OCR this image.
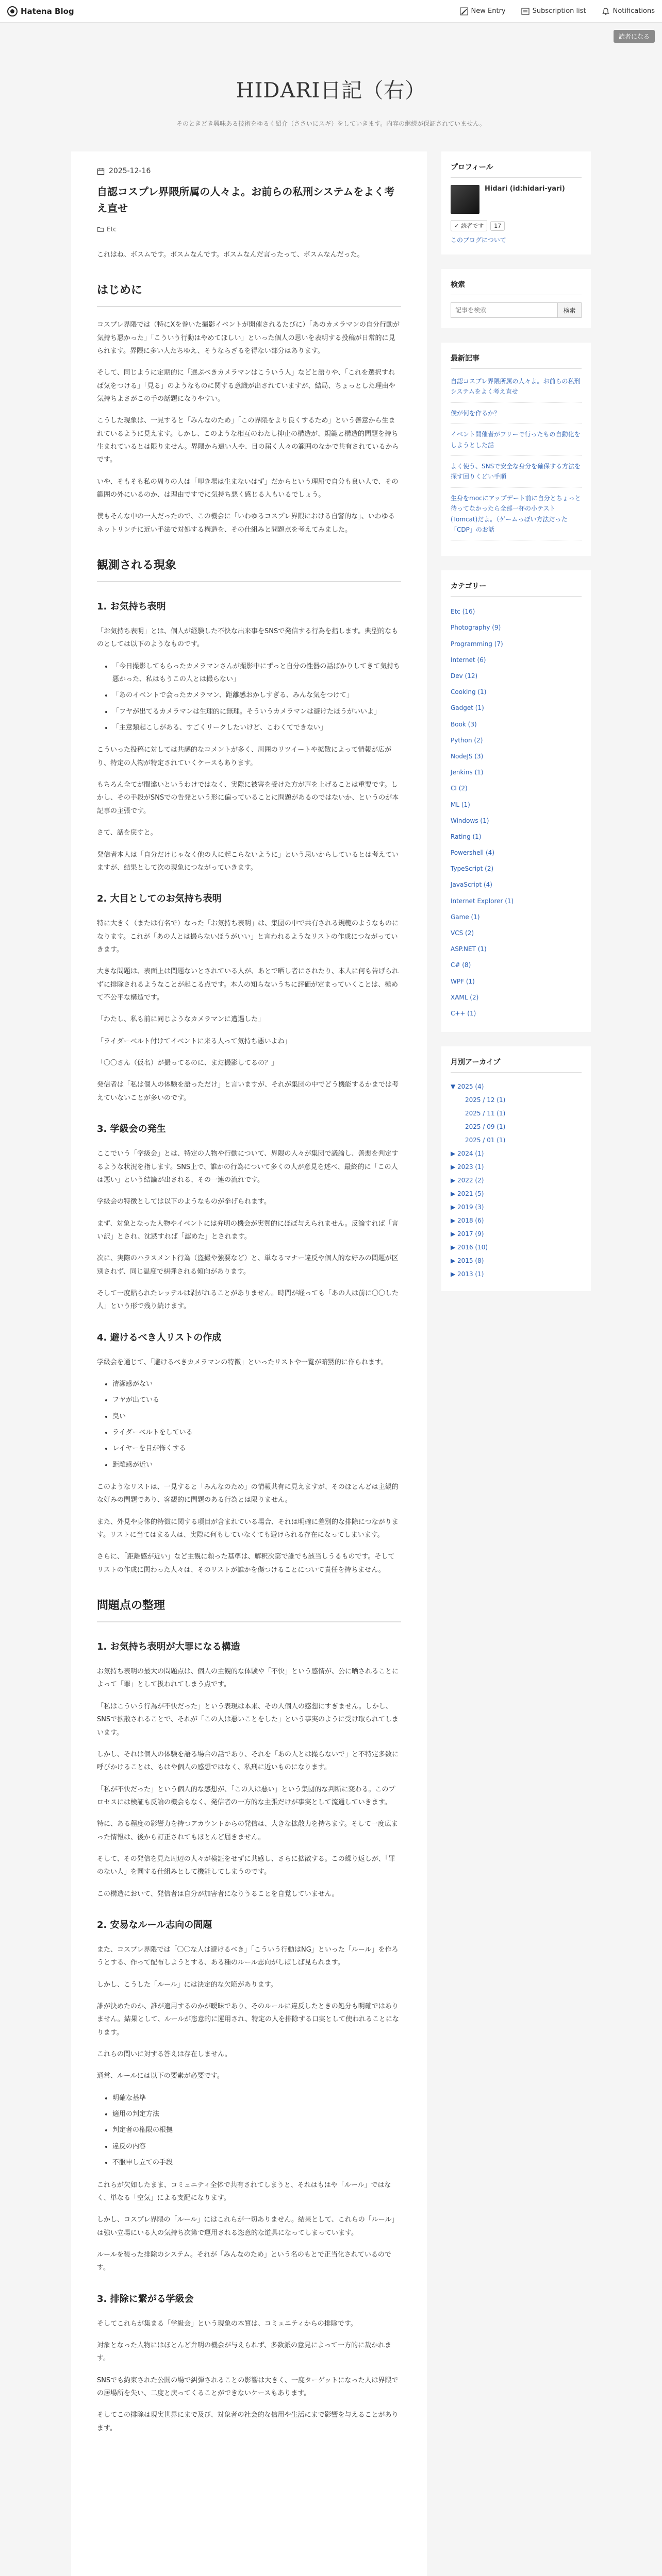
Hatena Blog	New Entry	Subscription list	Notifications
読者になる
HIDARI日記（右）
そのときどき興味ある技術をゆるく紹介（ささいにスギ）をしていきます。内容の継続が保証されていません。
2025-12-16
自認コスプレ界隈所属の人々よ。お前らの私刑システムをよく考え直せ
Etc

これはね、ボスムです。ボスムなんです。ボスムなんだ言ったって、ボスムなんだった。

はじめに

コスプレ界隈では（特にXを巻いた撮影イベントが開催されるたびに）「あのカメラマンの自分行動が気持ち悪かった」「こういう行動はやめてほしい」といった個人の思いを表明する投稿が日常的に見られます。界隈に多い人たちゆえ、そうならざるを得ない部分はあります。

そして、同じように定期的に「選ぶべきカメラマンはこういう人」などと語りや、「これを選択すれば気をつける」「見る」のようなものに関する意識が出されていますが、結局、ちょっとした理由や気持ちよさがこの手の話題になりやすい。

こうした現象は、一見すると「みんなのため」「この界隈をより良くするため」という善意から生まれているように見えます。しかし、このような相互のわたし抑止の構造が、規範と構造的問題を持ち生まれているとは限りません。界隈から遠い人や、目の届く人々の範囲のなかで共有されているからです。

いや、そもそも私の周りの人は「叩き場は生まないはず」だからという理屈で自分も良い人で、その範囲の外にいるのか、は理由ですでに気持ち悪く感じる人もいるでしょう。

僕もそんな中の一人だったので、この機会に「いわゆるコスプレ界隈における自警的な」、いわゆるネットリンチに近い手法で対処する構造を、その仕組みと問題点を考えてみました。

観測される現象
1. お気持ち表明

「お気持ち表明」とは、個人が経験した不快な出来事をSNSで発信する行為を指します。典型的なものとしては以下のようなものです。

• 「今日撮影してもらったカメラマンさんが撮影中にずっと自分の性器の話ばかりしてきて気持ち悪かった、私はもうこの人とは撮らない」
• 「あのイベントで会ったカメラマン、距離感おかしすぎる、みんな気をつけて」
• 「フヤが出てるカメラマンは生理的に無理。そういうカメラマンは避けたほうがいいよ」
• 「主意類起こしがある、すごくリークしたいけど、こわくてできない」

こういった投稿に対しては共感的なコメントが多く、周囲のリツイートや拡散によって情報が広がり、特定の人物が特定されていくケースもあります。

もちろん全てが間違いというわけではなく、実際に被害を受けた方が声を上げることは重要です。しかし、その手段がSNSでの告発という形に偏っていることに問題があるのではないか、というのが本記事の主張です。

さて、話を戻すと。

発信者本人は「自分だけじゃなく他の人に起こらないように」という思いからしているとは考えていますが、結果として次の現象につながっていきます。

2. 大目としてのお気持ち表明

特に大きく（または有名で）なった「お気持ち表明」は、集団の中で共有される規範のようなものになります。これが「あの人とは撮らないほうがいい」と言われるようなリストの作成につながっていきます。

大きな問題は、表面上は問題ないとされている人が、あとで晒し者にされたり、本人に何も告げられずに排除されるようなことが起こる点です。本人の知らないうちに評価が定まっていくことは、極めて不公平な構造です。

「わたし、私も前に同じようなカメラマンに遭遇した」

「ライダーベルト付けてイベントに来る人って気持ち悪いよね」

「〇〇さん（仮名）が撮ってるのに、まだ撮影してるの？」

発信者は「私は個人の体験を語っただけ」と言いますが、それが集団の中でどう機能するかまでは考えていないことが多いのです。

3. 学級会の発生

ここでいう「学級会」とは、特定の人物や行動について、界隈の人々が集団で議論し、善悪を判定するような状況を指します。SNS上で、誰かの行為について多くの人が意見を述べ、最終的に「この人は悪い」という結論が出される、その一連の流れです。

学級会の特徴としては以下のようなものが挙げられます。

まず、対象となった人物やイベントには弁明の機会が実質的にほぼ与えられません。反論すれば「言い訳」とされ、沈黙すれば「認めた」とされます。

次に、実際のハラスメント行為（盗撮や強要など）と、単なるマナー違反や個人的な好みの問題が区別されず、同じ温度で糾弾される傾向があります。

そして一度貼られたレッテルは剥がれることがありません。時間が経っても「あの人は前に〇〇した人」という形で残り続けます。

4. 避けるべき人リストの作成

学級会を通じて、「避けるべきカメラマンの特徴」といったリストや一覧が暗黙的に作られます。

• 清潔感がない
• フヤが出ている
• 臭い
• ライダーベルトをしている
• レイヤーを目が怖くする
• 距離感が近い

このようなリストは、一見すると「みんなのため」の情報共有に見えますが、そのほとんどは主観的な好みの問題であり、客観的に問題のある行為とは限りません。

また、外見や身体的特徴に関する項目が含まれている場合、それは明確に差別的な排除につながります。リストに当てはまる人は、実際に何もしていなくても避けられる存在になってしまいます。

さらに、「距離感が近い」など主観に頼った基準は、解釈次第で誰でも該当しうるものです。そしてリストの作成に関わった人々は、そのリストが誰かを傷つけることについて責任を持ちません。

問題点の整理
1. お気持ち表明が大罪になる構造

お気持ち表明の最大の問題点は、個人の主観的な体験や「不快」という感情が、公に晒されることによって「罪」として扱われてしまう点です。

「私はこういう行為が不快だった」という表現は本来、その人個人の感想にすぎません。しかし、SNSで拡散されることで、それが「この人は悪いことをした」という事実のように受け取られてしまいます。

しかし、それは個人の体験を語る場合の話であり、それを「あの人とは撮らないで」と不特定多数に呼びかけることは、もはや個人の感想ではなく、私刑に近いものになります。

「私が不快だった」という個人的な感想が、「この人は悪い」という集団的な判断に変わる。このプロセスには検証も反論の機会もなく、発信者の一方的な主張だけが事実として流通していきます。

特に、ある程度の影響力を持つアカウントからの発信は、大きな拡散力を持ちます。そして一度広まった情報は、後から訂正されてもほとんど届きません。

そして、その発信を見た周辺の人々が検証をせずに共感し、さらに拡散する。この繰り返しが、「罪のない人」を罰する仕組みとして機能してしまうのです。

この構造において、発信者は自分が加害者になりうることを自覚していません。

2. 安易なルール志向の問題

また、コスプレ界隈では「〇〇な人は避けるべき」「こういう行動はNG」といった「ルール」を作ろうとする、作って配布しようとする、ある種のルール志向がしばしば見られます。

しかし、こうした「ルール」には決定的な欠陥があります。

誰が決めたのか、誰が適用するのかが曖昧であり、そのルールに違反したときの処分も明確ではありません。結果として、ルールが恣意的に運用され、特定の人を排除する口実として使われることになります。

これらの問いに対する答えは存在しません。

通常、ルールには以下の要素が必要です。

• 明確な基準
• 適用の判定方法
• 判定者の権限の根拠
• 違反の内容
• 不服申し立ての手段

これらが欠如したまま、コミュニティ全体で共有されてしまうと、それはもはや「ルール」ではなく、単なる「空気」による支配になります。

しかし、コスプレ界隈の「ルール」にはこれらが一切ありません。結果として、これらの「ルール」は強い立場にいる人の気持ち次第で運用される恣意的な道具になってしまっています。

ルールを装った排除のシステム。それが「みんなのため」という名のもとで正当化されているのです。

3. 排除に繋がる学級会

そしてこれらが集まる「学級会」という現象の本質は、コミュニティからの排除です。

対象となった人物にはほとんど弁明の機会が与えられず、多数派の意見によって一方的に裁かれます。

SNSでも約束された公開の場で糾弾されることの影響は大きく、一度ターゲットになった人は界隈での居場所を失い、二度と戻ってくることができないケースもあります。

そしてこの排除は現実世界にまで及び、対象者の社会的な信用や生活にまで影響を与えることがあります。

プロフィール
Hidari (id:hidari-yari)
✓ 読者です	17
このブログについて
検索
記事を検索
検索
最新記事
自認コスプレ界隈所属の人々よ。お前らの私刑システムをよく考え直せ
僕が何を作るか？
イベント開催者がフリーで行ったもの自動化をしようとした話
よく使う、SNSで安全な身分を確保する方法を探す回りくどい手順
生身をmocにアップデート前に自分とちょっと待ってなかったら全部一杯の小テスト(Tomcat)だよ。（ゲームっぽい方法だった「CDP」のお話
カテゴリー
Etc (16)
Photography (9)
Programming (7)
Internet (6)
Dev (12)
Cooking (1)
Gadget (1)
Book (3)
Python (2)
NodeJS (3)
Jenkins (1)
CI (2)
ML (1)
Windows (1)
Rating (1)
Powershell (4)
TypeScript (2)
JavaScript (4)
Internet Explorer (1)
Game (1)
VCS (2)
ASP.NET (1)
C# (8)
WPF (1)
XAML (2)
C++ (1)
月別アーカイブ
▼ 2025 (4)
2025 / 12 (1)
2025 / 11 (1)
2025 / 09 (1)
2025 / 01 (1)
▶ 2024 (1)
▶ 2023 (1)
▶ 2022 (2)
▶ 2021 (5)
▶ 2019 (3)
▶ 2018 (6)
▶ 2017 (9)
▶ 2016 (10)
▶ 2015 (8)
▶ 2013 (1)
